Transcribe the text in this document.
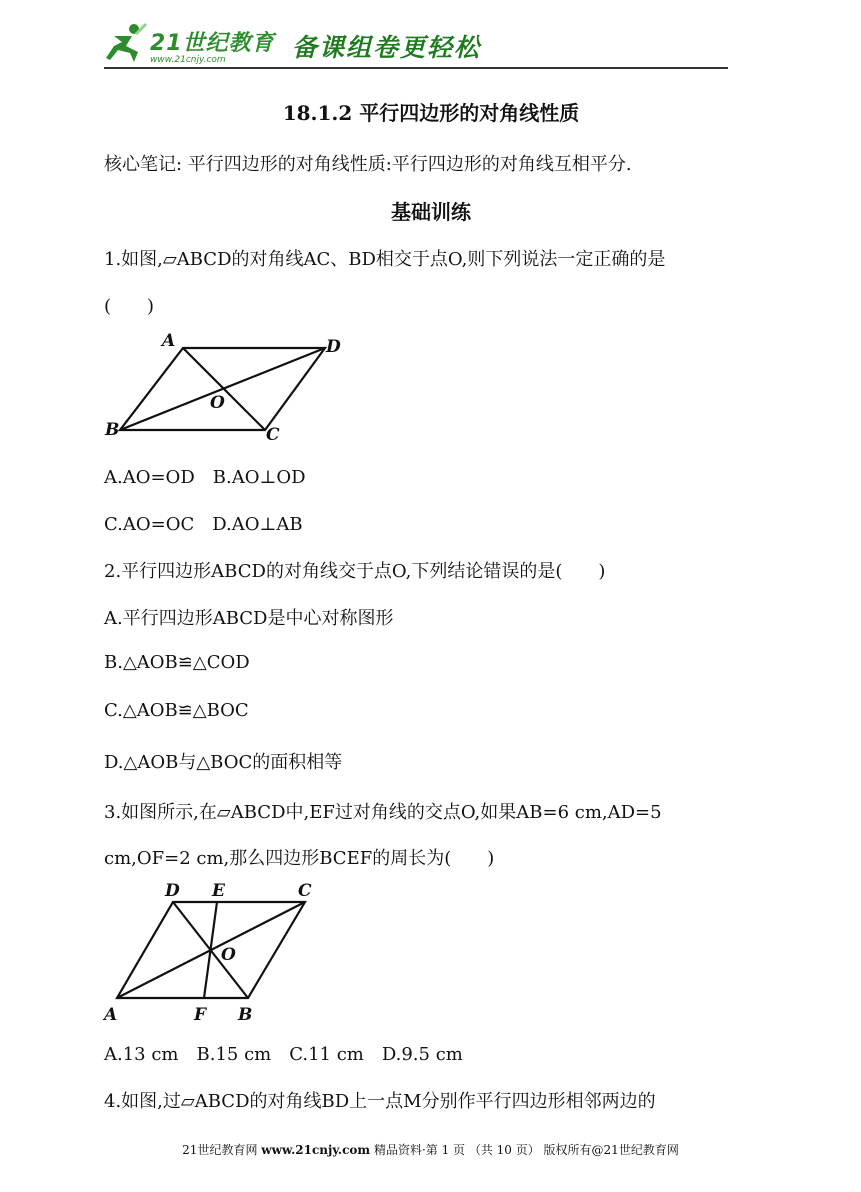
21世纪教育
www.21cnjy.com	备课组卷更轻松
18.1.2 平行四边形的对角线性质
核心笔记: 平行四边形的对角线性质:平行四边形的对角线互相平分.
基础训练
1.如图,▱ABCD的对角线AC、BD相交于点O,则下列说法一定正确的是
(　　)
A	D
B	C
O
A.AO=OD　B.AO⊥OD
C.AO=OC　D.AO⊥AB
2.平行四边形ABCD的对角线交于点O,下列结论错误的是(　　)
A.平行四边形ABCD是中心对称图形
B.△AOB≌△COD
C.△AOB≌△BOC
D.△AOB与△BOC的面积相等
3.如图所示,在▱ABCD中,EF过对角线的交点O,如果AB=6 cm,AD=5
cm,OF=2 cm,那么四边形BCEF的周长为(　　)
D E	C
O
A	F B
A.13 cm　B.15 cm　C.11 cm　D.9.5 cm
4.如图,过▱ABCD的对角线BD上一点M分别作平行四边形相邻两边的
21世纪教育网 www.21cnjy.com 精品资料·第 1 页 （共 10 页） 版权所有@21世纪教育网
